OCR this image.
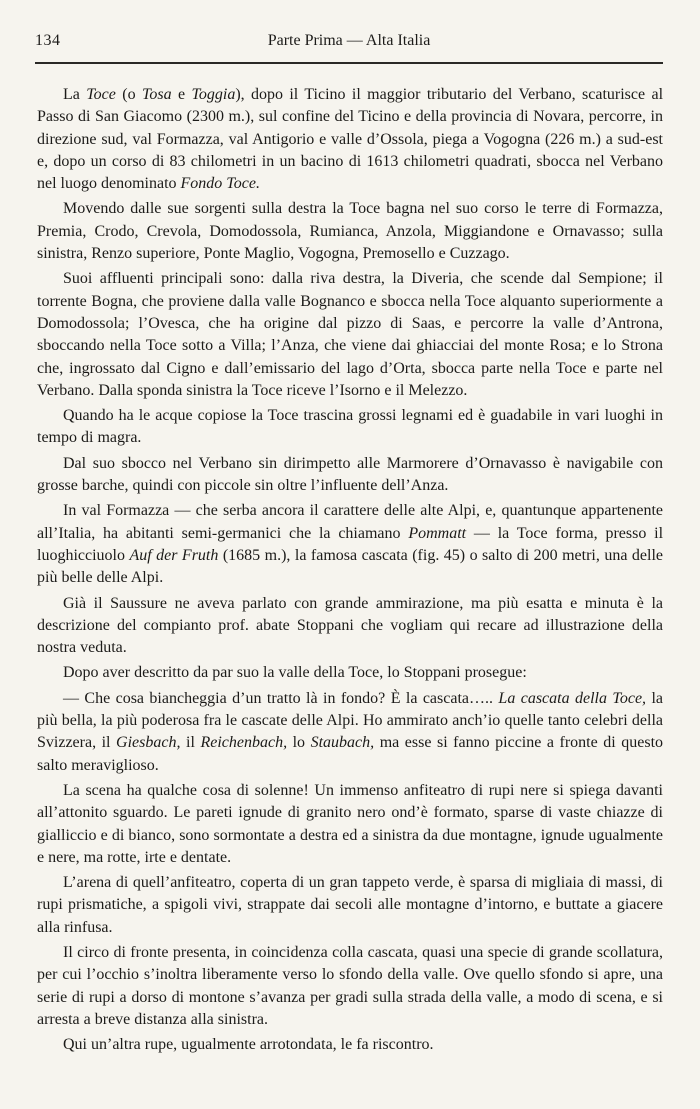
134	Parte Prima — Alta Italia

La Toce (o Tosa e Toggia), dopo il Ticino il maggior tributario del Verbano, scaturisce al Passo di San Giacomo (2300 m.), sul confine del Ticino e della provincia di Novara, percorre, in direzione sud, val Formazza, val Antigorio e valle d’Ossola, piega a Vogogna (226 m.) a sud-est e, dopo un corso di 83 chilometri in un bacino di 1613 chilometri quadrati, sbocca nel Verbano nel luogo denominato Fondo Toce.

Movendo dalle sue sorgenti sulla destra la Toce bagna nel suo corso le terre di Formazza, Premia, Crodo, Crevola, Domodossola, Rumianca, Anzola, Miggiandone e Ornavasso; sulla sinistra, Renzo superiore, Ponte Maglio, Vogogna, Premosello e Cuzzago.

Suoi affluenti principali sono: dalla riva destra, la Diveria, che scende dal Sempione; il torrente Bogna, che proviene dalla valle Bognanco e sbocca nella Toce alquanto superiormente a Domodossola; l’Ovesca, che ha origine dal pizzo di Saas, e percorre la valle d’Antrona, sboccando nella Toce sotto a Villa; l’Anza, che viene dai ghiacciai del monte Rosa; e lo Strona che, ingrossato dal Cigno e dall’emissario del lago d’Orta, sbocca parte nella Toce e parte nel Verbano. Dalla sponda sinistra la Toce riceve l’Isorno e il Melezzo.

Quando ha le acque copiose la Toce trascina grossi legnami ed è guadabile in vari luoghi in tempo di magra.

Dal suo sbocco nel Verbano sin dirimpetto alle Marmorere d’Ornavasso è navigabile con grosse barche, quindi con piccole sin oltre l’influente dell’Anza.

In val Formazza — che serba ancora il carattere delle alte Alpi, e, quantunque appartenente all’Italia, ha abitanti semi-germanici che la chiamano Pommatt — la Toce forma, presso il luoghicciuolo Auf der Fruth (1685 m.), la famosa cascata (fig. 45) o salto di 200 metri, una delle più belle delle Alpi.

Già il Saussure ne aveva parlato con grande ammirazione, ma più esatta e minuta è la descrizione del compianto prof. abate Stoppani che vogliam qui recare ad illustrazione della nostra veduta.

Dopo aver descritto da par suo la valle della Toce, lo Stoppani prosegue:

— Che cosa biancheggia d’un tratto là in fondo? È la cascata….. La cascata della Toce, la più bella, la più poderosa fra le cascate delle Alpi. Ho ammirato anch’io quelle tanto celebri della Svizzera, il Giesbach, il Reichenbach, lo Staubach, ma esse si fanno piccine a fronte di questo salto meraviglioso.

La scena ha qualche cosa di solenne! Un immenso anfiteatro di rupi nere si spiega davanti all’attonito sguardo. Le pareti ignude di granito nero ond’è formato, sparse di vaste chiazze di gialliccio e di bianco, sono sormontate a destra ed a sinistra da due montagne, ignude ugualmente e nere, ma rotte, irte e dentate.

L’arena di quell’anfiteatro, coperta di un gran tappeto verde, è sparsa di migliaia di massi, di rupi prismatiche, a spigoli vivi, strappate dai secoli alle montagne d’intorno, e buttate a giacere alla rinfusa.

Il circo di fronte presenta, in coincidenza colla cascata, quasi una specie di grande scollatura, per cui l’occhio s’inoltra liberamente verso lo sfondo della valle. Ove quello sfondo si apre, una serie di rupi a dorso di montone s’avanza per gradi sulla strada della valle, a modo di scena, e si arresta a breve distanza alla sinistra.

Qui un’altra rupe, ugualmente arrotondata, le fa riscontro.
